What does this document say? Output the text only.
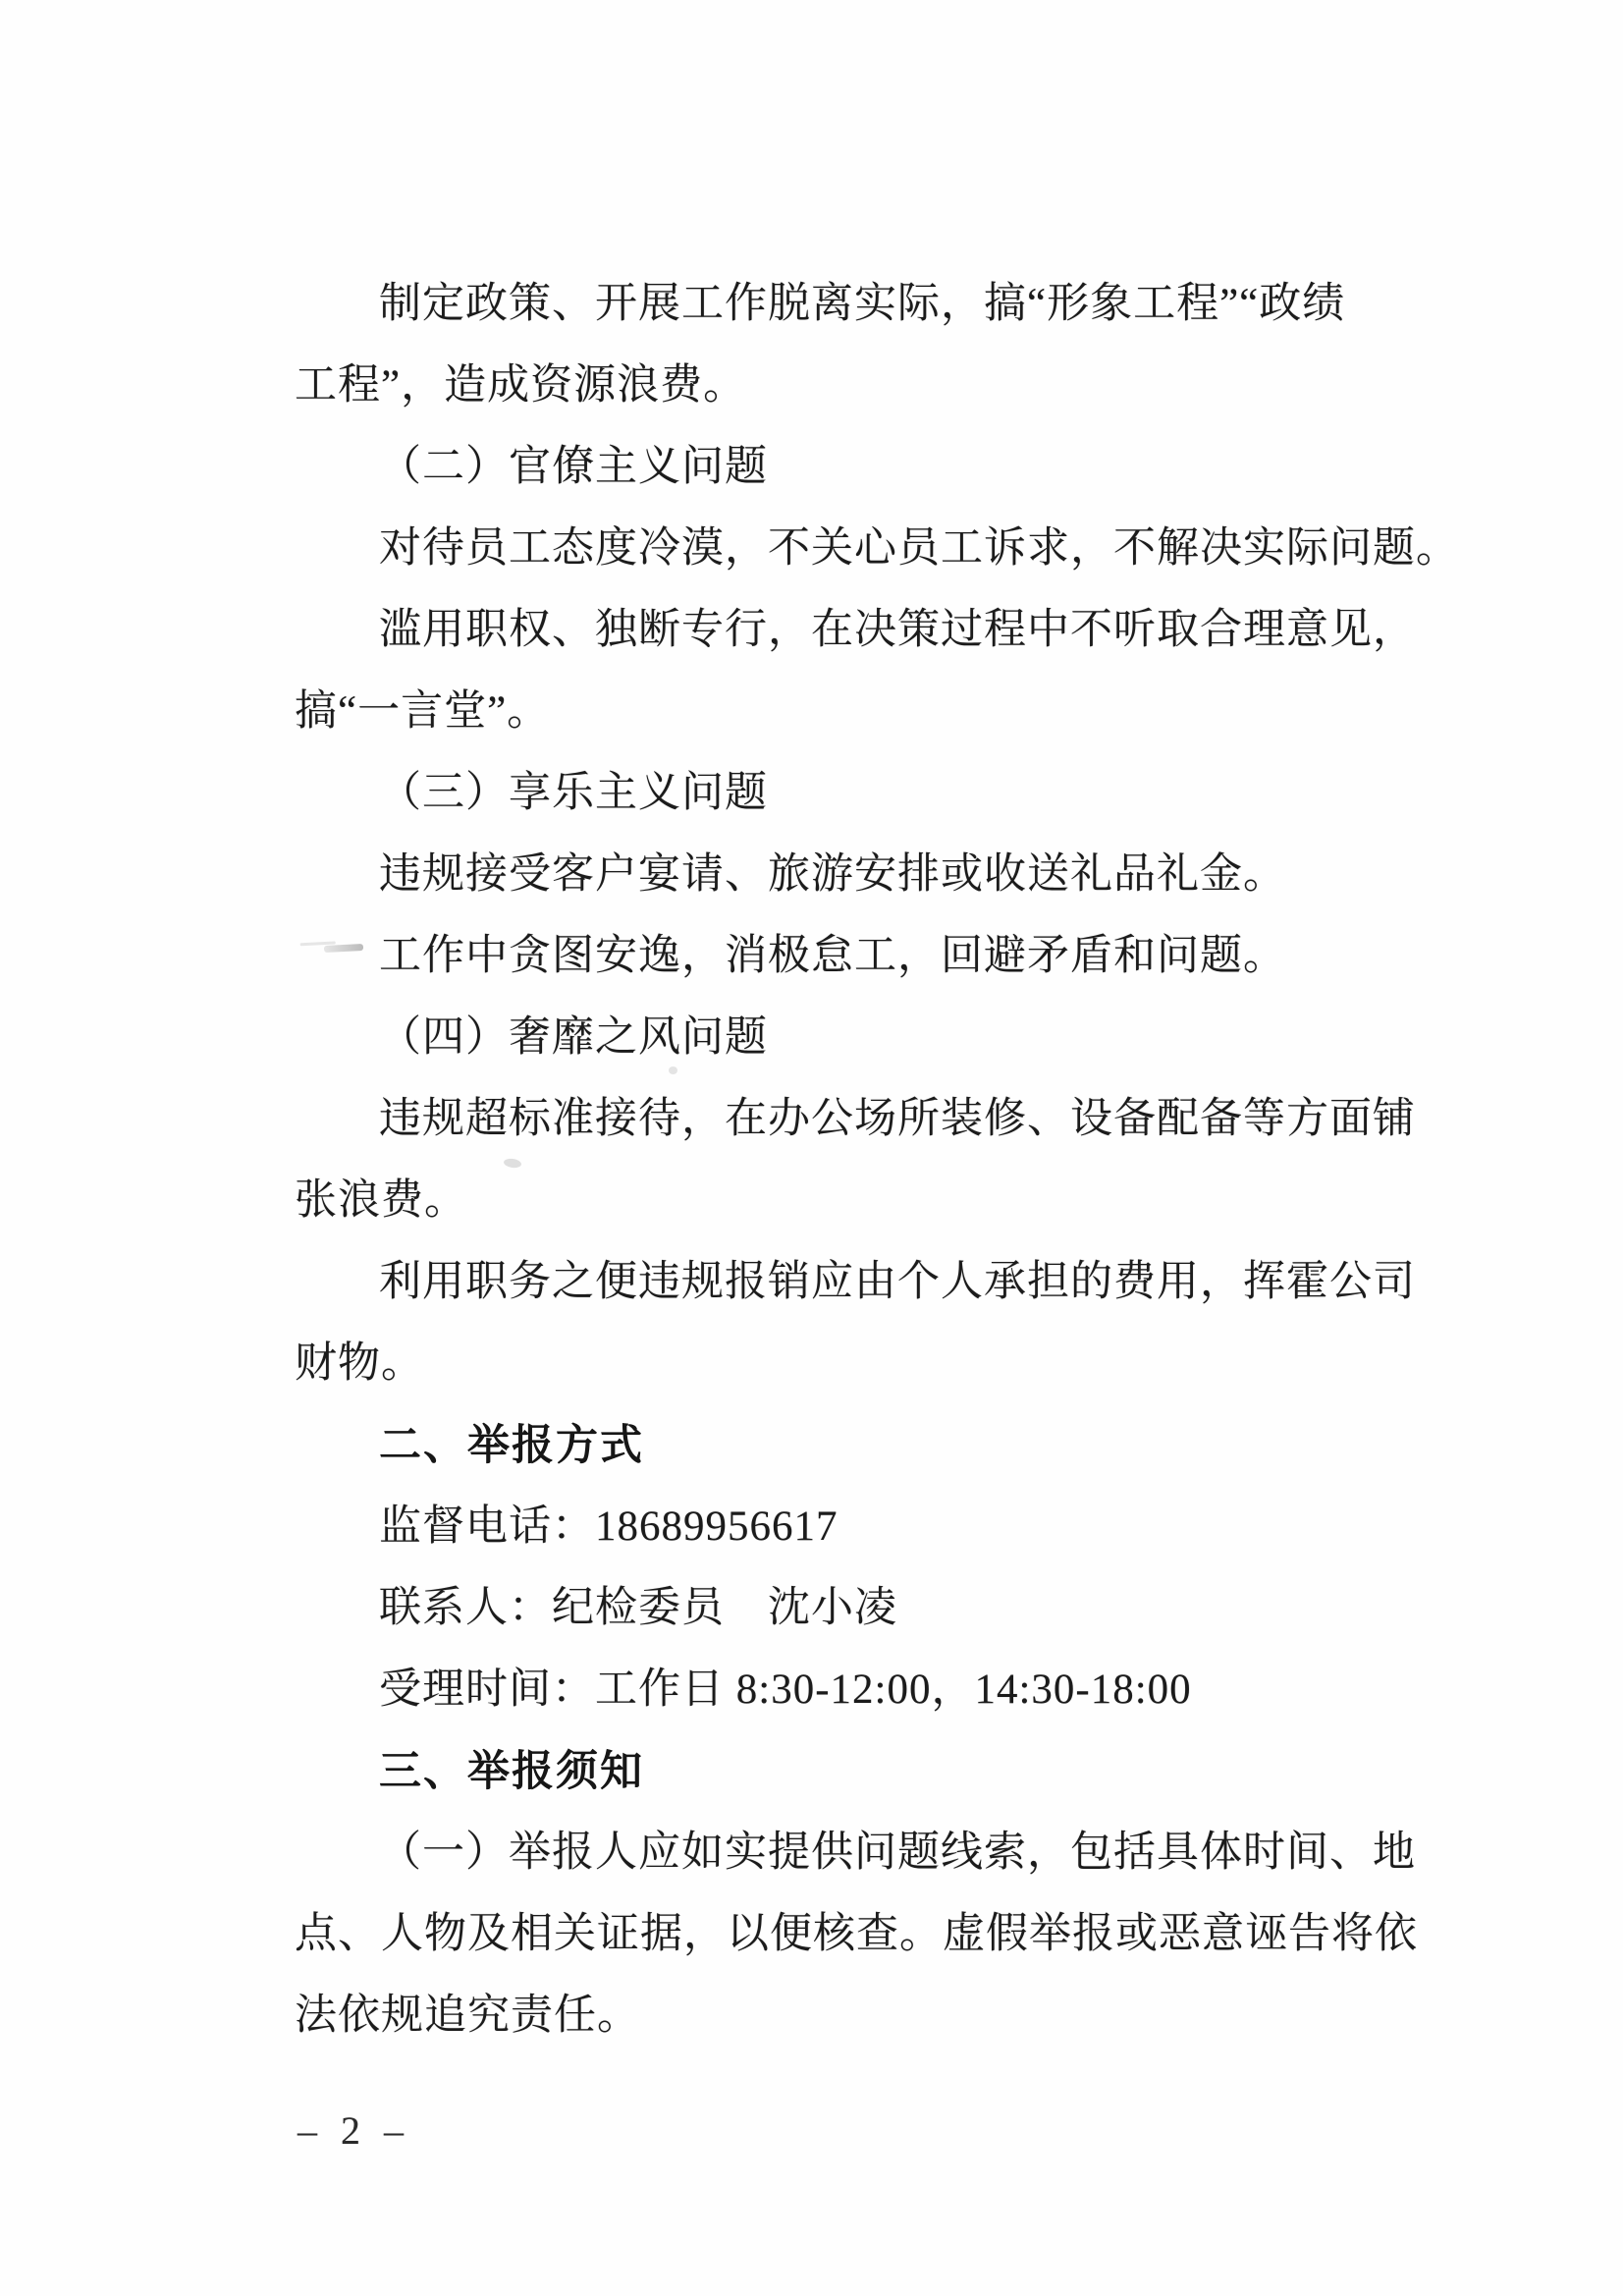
制定政策、开展工作脱离实际，搞“形象工程”“政绩
工程”，造成资源浪费。
（二）官僚主义问题
对待员工态度冷漠，不关心员工诉求，不解决实际问题。
滥用职权、独断专行，在决策过程中不听取合理意见，
搞“一言堂”。
（三）享乐主义问题
违规接受客户宴请、旅游安排或收送礼品礼金。
工作中贪图安逸，消极怠工，回避矛盾和问题。
（四）奢靡之风问题
违规超标准接待，在办公场所装修、设备配备等方面铺
张浪费。
利用职务之便违规报销应由个人承担的费用，挥霍公司
财物。
二、举报方式
监督电话：18689956617
联系人：纪检委员　沈小凌
受理时间：工作日 8:30-12:00，14:30-18:00
三、举报须知
（一）举报人应如实提供问题线索，包括具体时间、地
点、人物及相关证据，以便核查。虚假举报或恶意诬告将依
法依规追究责任。
– 2 –
